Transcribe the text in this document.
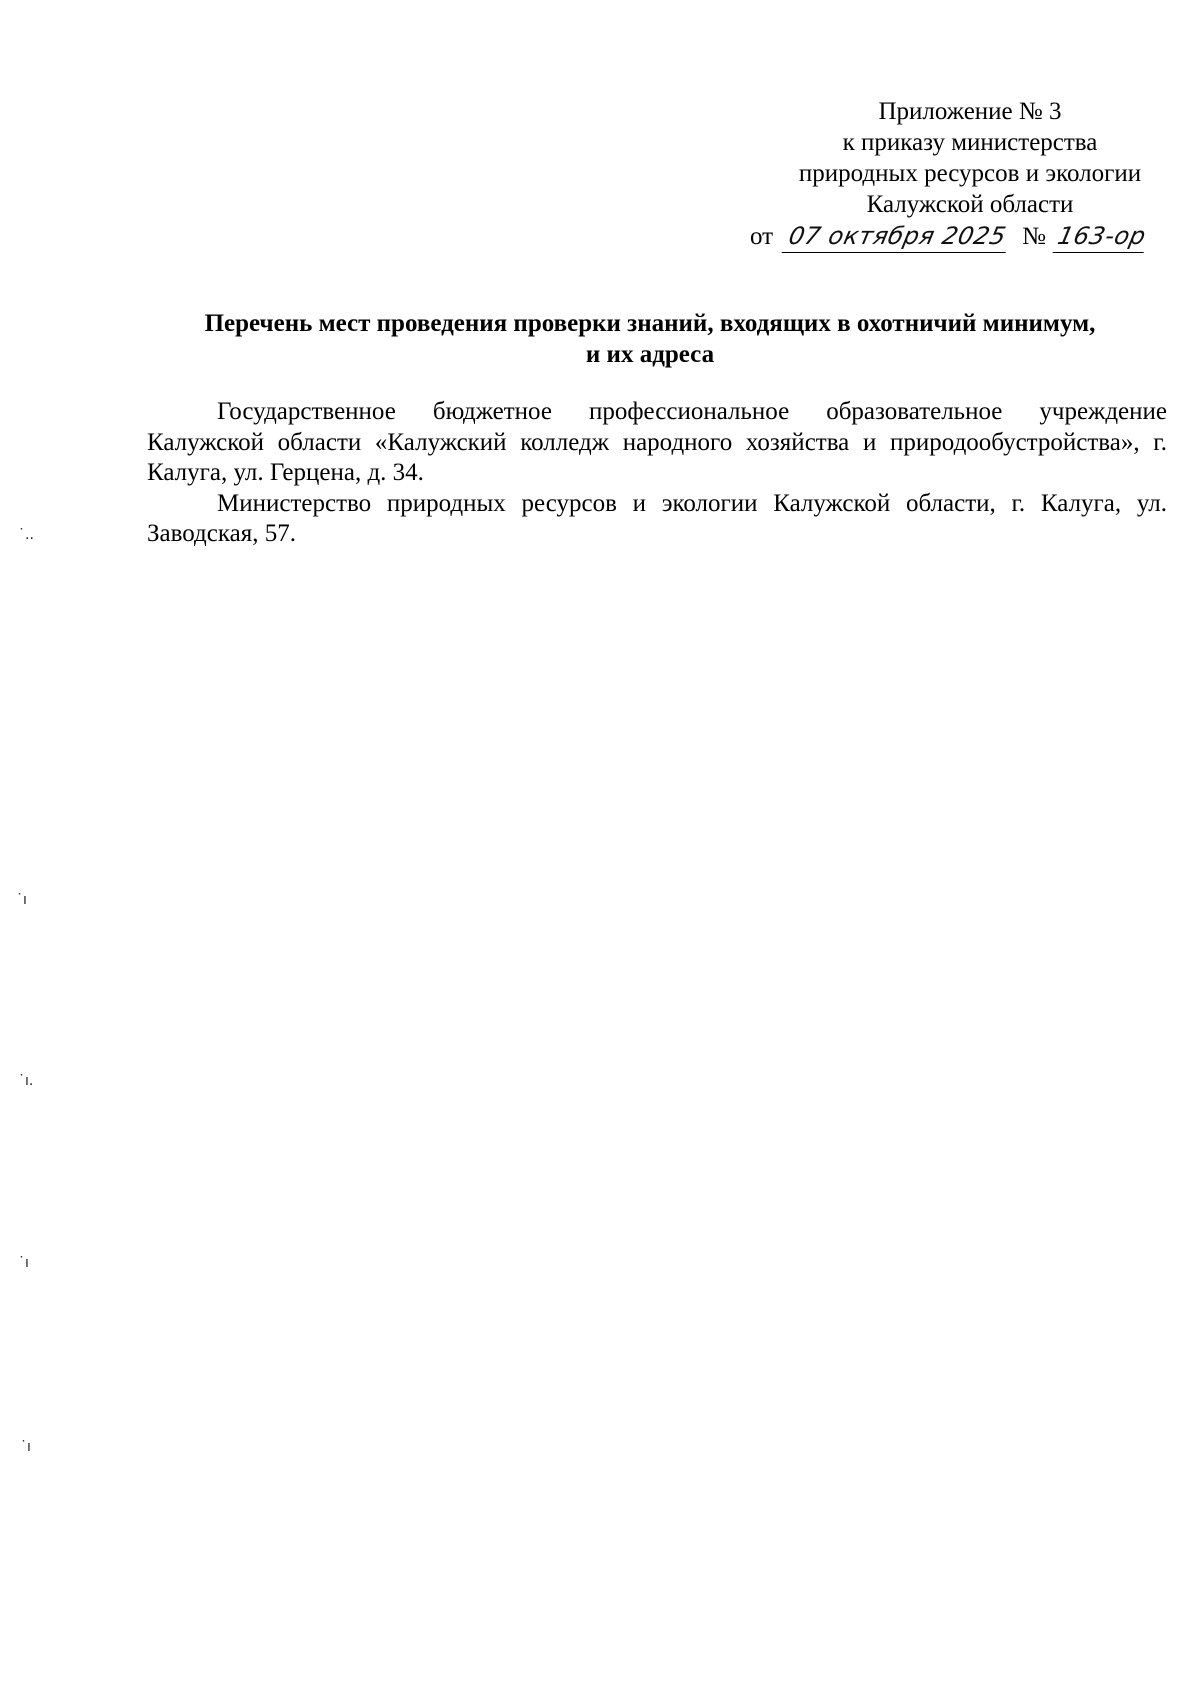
Приложение № 3
к приказу министерства
природных ресурсов и экологии
Калужской области
от 07 октября 2025 № 163-ор
Перечень мест проведения проверки знаний, входящих в охотничий минимум,
и их адреса

Государственное бюджетное профессиональное образовательное учреждение Калужской области «Калужский колледж народного хозяйства и природообустройства», г. Калуга, ул. Герцена, д. 34.

Министерство природных ресурсов и экологии Калужской области, г. Калуга, ул. Заводская, 57.

˙..
˙ı
˙ı.
˙ı
˙ı
